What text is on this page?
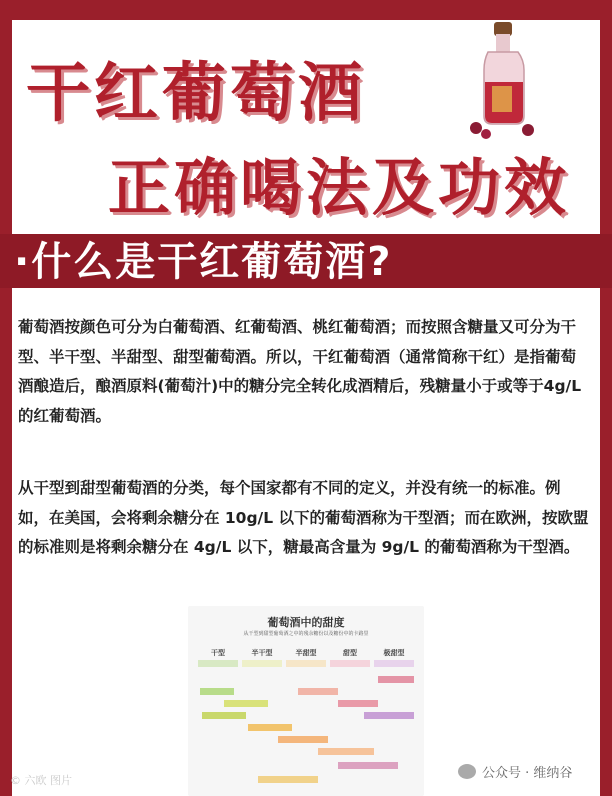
干红葡萄酒
正确喝法及功效
·什么是干红葡萄酒?

葡萄酒按颜色可分为白葡萄酒、红葡萄酒、桃红葡萄酒；而按照含糖量又可分为干型、半干型、半甜型、甜型葡萄酒。所以，干红葡萄酒（通常简称干红）是指葡萄酒酿造后，酿酒原料(葡萄汁)中的糖分完全转化成酒精后，残糖量小于或等于4g/L的红葡萄酒。

从干型到甜型葡萄酒的分类，每个国家都有不同的定义，并没有统一的标准。例如，在美国，会将剩余糖分在 10g/L 以下的葡萄酒称为干型酒；而在欧洲，按欧盟的标准则是将剩余糖分在 4g/L 以下，糖最高含量为 9g/L 的葡萄酒称为干型酒。

葡萄酒中的甜度
从干型到甜型葡萄酒之中的残余糖份以及糖份中的卡路里
干型	半干型	半甜型	甜型	极甜型
© 六欧 图片	公众号 · 维纳谷
